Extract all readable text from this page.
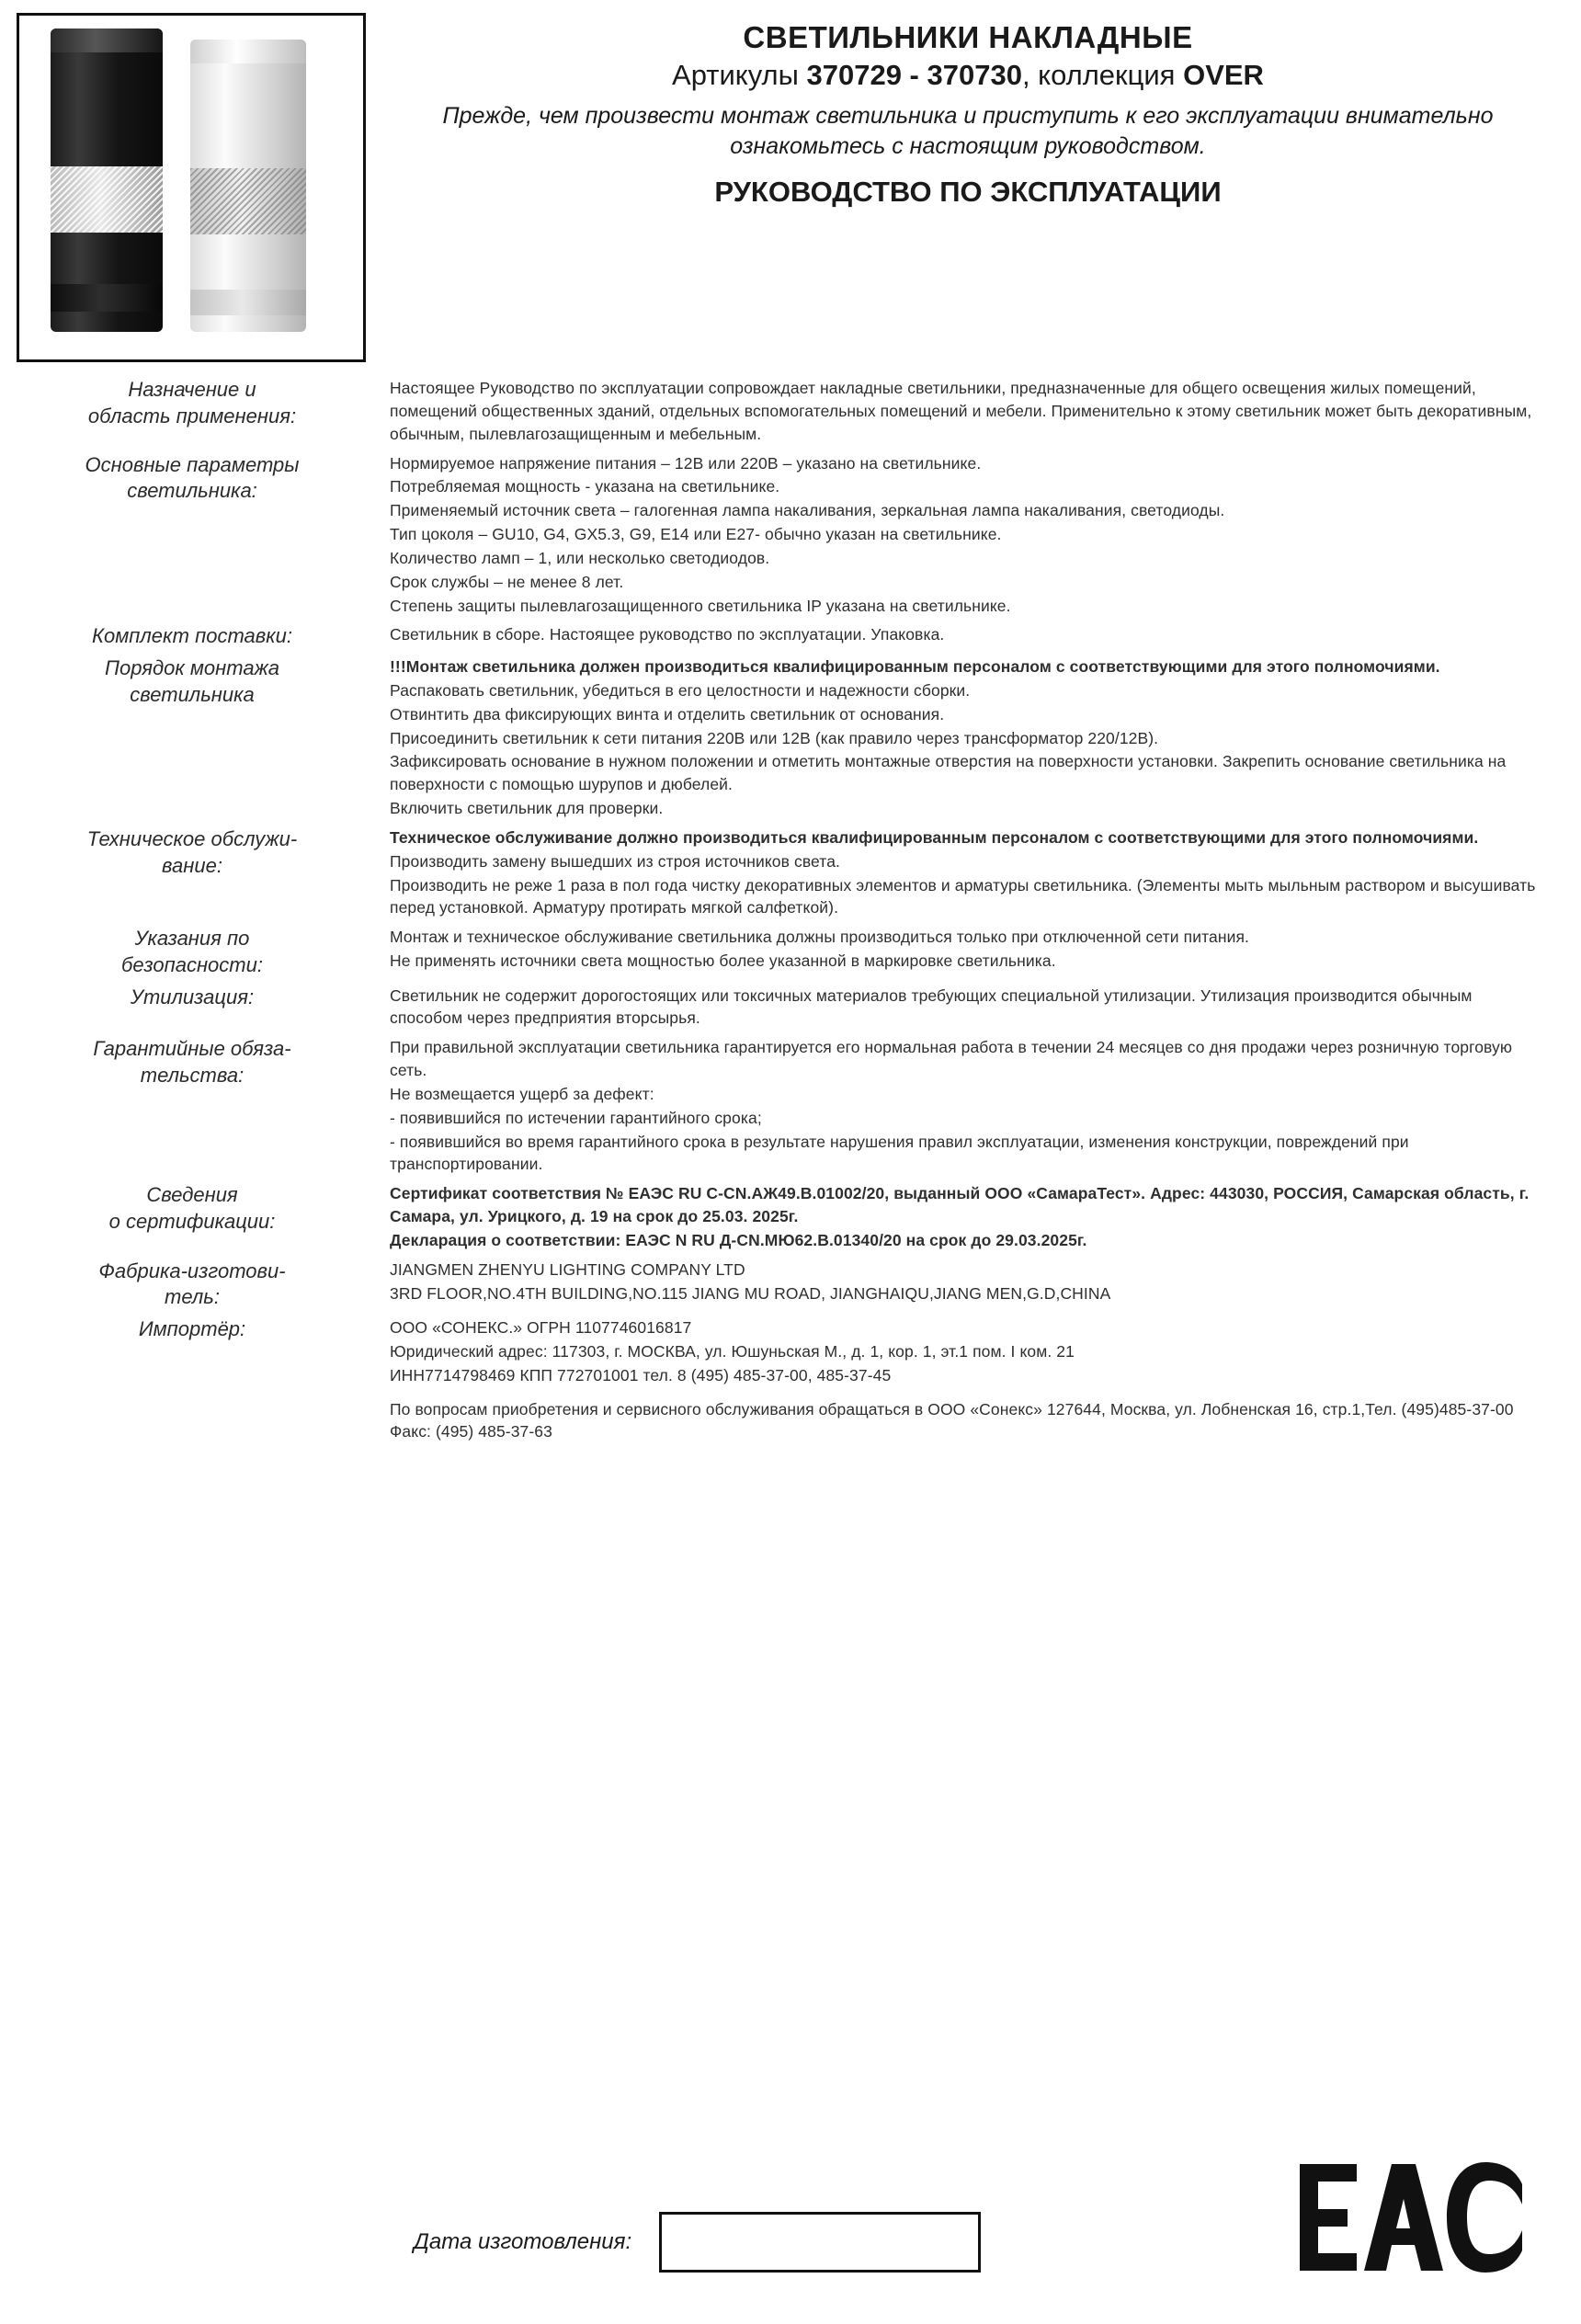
СВЕТИЛЬНИКИ НАКЛАДНЫЕ
Артикулы 370729 - 370730, коллекция OVER
Прежде, чем произвести монтаж светильника и приступить к его эксплуатации внимательно ознакомьтесь с настоящим руководством.
РУКОВОДСТВО ПО ЭКСПЛУАТАЦИИ
Назначение и
область применения:

Настоящее Руководство по эксплуатации сопровождает накладные светильники, предназначенные для общего освещения жилых помещений, помещений общественных зданий, отдельных вспомогательных помещений и мебели. Применительно к этому светильник может быть декоративным, обычным, пылевлагозащищенным и мебельным.

Основные параметры
светильника:

Нормируемое напряжение питания – 12В или 220В – указано на светильнике.

Потребляемая мощность - указана на светильнике.

Применяемый источник света – галогенная лампа накаливания, зеркальная лампа накаливания, светодиоды.

Тип цоколя – GU10, G4, GX5.3, G9, E14 или E27- обычно указан на светильнике.

Количество ламп – 1, или несколько светодиодов.

Срок службы – не менее 8 лет.

Степень защиты пылевлагозащищенного светильника IP указана на светильнике.

Комплект поставки:	Светильник в сборе. Настоящее руководство по эксплуатации. Упаковка.

Порядок монтажа
светильника

!!!Монтаж светильника должен производиться квалифицированным персоналом с соответствующими для этого полномочиями.

Распаковать светильник, убедиться в его целостности и надежности сборки.

Отвинтить два фиксирующих винта и отделить светильник от основания.

Присоединить светильник к сети питания 220В или 12В (как правило через трансформатор 220/12В).

Зафиксировать основание в нужном положении и отметить монтажные отверстия на поверхности установки. Закрепить основание светильника на поверхности с помощью шурупов и дюбелей.

Включить светильник для проверки.

Техническое обслужи-
вание:

Техническое обслуживание должно производиться квалифицированным персоналом с соответствующими для этого полномочиями.

Производить замену вышедших из строя источников света.

Производить не реже 1 раза в пол года чистку декоративных элементов и арматуры светильника. (Элементы мыть мыльным раствором и высушивать перед установкой. Арматуру протирать мягкой салфеткой).

Указания по
безопасности:

Монтаж и техническое обслуживание светильника должны производиться только при отключенной сети питания.

Не применять источники света мощностью более указанной в маркировке светильника.

Утилизация:	Светильник не содержит дорогостоящих или токсичных материалов требующих специальной утилизации. Утилизация производится обычным способом через предприятия вторсырья.

Гарантийные обяза-
тельства:

При правильной эксплуатации светильника гарантируется его нормальная работа в течении 24 месяцев со дня продажи через розничную торговую сеть.

Не возмещается ущерб за дефект:

- появившийся по истечении гарантийного срока;

- появившийся во время гарантийного срока в результате нарушения правил эксплуатации, изменения конструкции, повреждений при транспортировании.

Сведения
о сертификации:

Сертификат соответствия № ЕАЭС RU C-CN.АЖ49.В.01002/20, выданный ООО «СамараТест». Адрес: 443030, РОССИЯ, Самарская область, г. Самара, ул. Урицкого, д. 19 на срок до 25.03. 2025г.

Декларация о соответствии: ЕАЭС N RU Д-CN.МЮ62.В.01340/20 на срок до 29.03.2025г.

Фабрика-изготови-
тель:

JIANGMEN ZHENYU LIGHTING COMPANY LTD

3RD FLOOR,NO.4TH BUILDING,NO.115 JIANG MU ROAD, JIANGHAIQU,JIANG MEN,G.D,CHINA

Импортёр:	ООО «СОНЕКС.» ОГРН 1107746016817

Юридический адрес: 117303, г. МОСКВА, ул. Юшуньская М., д. 1, кор. 1, эт.1 пом. I ком. 21

ИНН7714798469 КПП 772701001 тел. 8 (495) 485-37-00, 485-37-45

По вопросам приобретения и сервисного обслуживания обращаться в ООО «Сонекс» 127644, Москва, ул. Лобненская 16, стр.1,Тел. (495)485-37-00 Факс: (495) 485-37-63

Дата изготовления:
